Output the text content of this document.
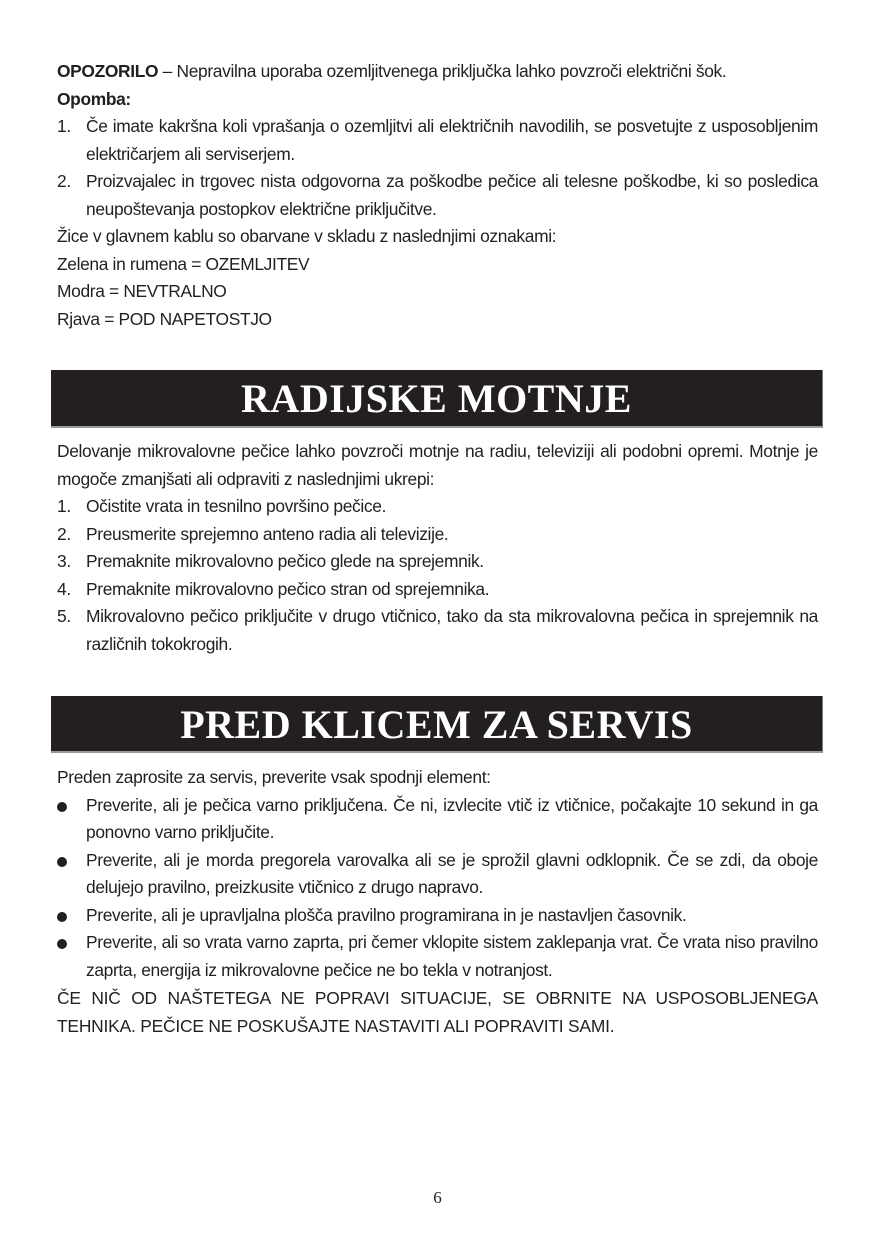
OPOZORILO – Nepravilna uporaba ozemljitvenega priključka lahko povzroči električni šok.
Opomba:
1. Če imate kakršna koli vprašanja o ozemljitvi ali električnih navodilih, se posvetujte z usposobljenim električarjem ali serviserjem.
2. Proizvajalec in trgovec nista odgovorna za poškodbe pečice ali telesne poškodbe, ki so posledica neupoštevanja postopkov električne priključitve.
Žice v glavnem kablu so obarvane v skladu z naslednjimi oznakami:
Zelena in rumena = OZEMLJITEV
Modra = NEVTRALNO
Rjava = POD NAPETOSTJO
RADIJSKE MOTNJE
Delovanje mikrovalovne pečice lahko povzroči motnje na radiu, televiziji ali podobni opremi. Motnje je mogoče zmanjšati ali odpraviti z naslednjimi ukrepi:
1. Očistite vrata in tesnilno površino pečice.
2. Preusmerite sprejemno anteno radia ali televizije.
3. Premaknite mikrovalovno pečico glede na sprejemnik.
4. Premaknite mikrovalovno pečico stran od sprejemnika.
5. Mikrovalovno pečico priključite v drugo vtičnico, tako da sta mikrovalovna pečica in sprejemnik na različnih tokokrogih.
PRED KLICEM ZA SERVIS
Preden zaprosite za servis, preverite vsak spodnji element:
Preverite, ali je pečica varno priključena. Če ni, izvlecite vtič iz vtičnice, počakajte 10 sekund in ga ponovno varno priključite.
Preverite, ali je morda pregorela varovalka ali se je sprožil glavni odklopnik. Če se zdi, da oboje delujejo pravilno, preizkusite vtičnico z drugo napravo.
Preverite, ali je upravljalna plošča pravilno programirana in je nastavljen časovnik.
Preverite, ali so vrata varno zaprta, pri čemer vklopite sistem zaklepanja vrat. Če vrata niso pravilno zaprta, energija iz mikrovalovne pečice ne bo tekla v notranjost.
ČE NIČ OD NAŠTETEGA NE POPRAVI SITUACIJE, SE OBRNITE NA USPOSOBLJENEGA TEHNIKA. PEČICE NE POSKUŠAJTE NASTAVITI ALI POPRAVITI SAMI.
6
